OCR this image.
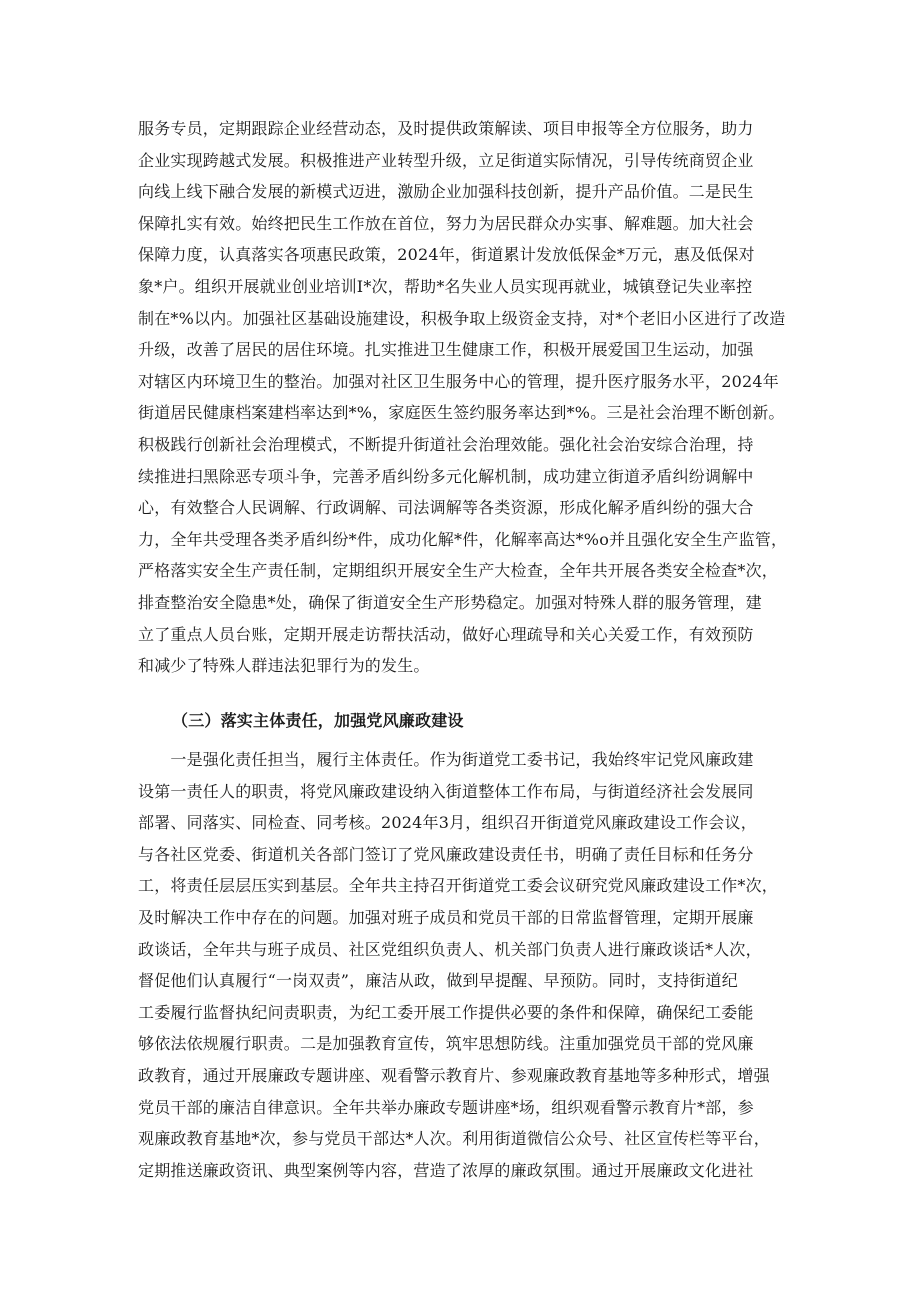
服务专员，定期跟踪企业经营动态，及时提供政策解读、项目申报等全方位服务，助力
企业实现跨越式发展。积极推进产业转型升级，立足街道实际情况，引导传统商贸企业
向线上线下融合发展的新模式迈进，激励企业加强科技创新，提升产品价值。二是民生
保障扎实有效。始终把民生工作放在首位，努力为居民群众办实事、解难题。加大社会
保障力度，认真落实各项惠民政策，2024年，街道累计发放低保金*万元，惠及低保对
象*户。组织开展就业创业培训I*次，帮助*名失业人员实现再就业，城镇登记失业率控
制在*%以内。加强社区基础设施建设，积极争取上级资金支持，对*个老旧小区进行了改造
升级，改善了居民的居住环境。扎实推进卫生健康工作，积极开展爱国卫生运动，加强
对辖区内环境卫生的整治。加强对社区卫生服务中心的管理，提升医疗服务水平，2024年
街道居民健康档案建档率达到*%，家庭医生签约服务率达到*%。三是社会治理不断创新。
积极践行创新社会治理模式，不断提升街道社会治理效能。强化社会治安综合治理，持
续推进扫黑除恶专项斗争，完善矛盾纠纷多元化解机制，成功建立街道矛盾纠纷调解中
心，有效整合人民调解、行政调解、司法调解等各类资源，形成化解矛盾纠纷的强大合
力，全年共受理各类矛盾纠纷*件，成功化解*件，化解率高达*%o并且强化安全生产监管，
严格落实安全生产责任制，定期组织开展安全生产大检查，全年共开展各类安全检查*次，
排查整治安全隐患*处，确保了街道安全生产形势稳定。加强对特殊人群的服务管理，建
立了重点人员台账，定期开展走访帮扶活动，做好心理疏导和关心关爱工作，有效预防
和减少了特殊人群违法犯罪行为的发生。
（三）落实主体责任，加强党风廉政建设
　　一是强化责任担当，履行主体责任。作为街道党工委书记，我始终牢记党风廉政建
设第一责任人的职责，将党风廉政建设纳入街道整体工作布局，与街道经济社会发展同
部署、同落实、同检查、同考核。2024年3月，组织召开街道党风廉政建设工作会议，
与各社区党委、街道机关各部门签订了党风廉政建设责任书，明确了责任目标和任务分
工，将责任层层压实到基层。全年共主持召开街道党工委会议研究党风廉政建设工作*次，
及时解决工作中存在的问题。加强对班子成员和党员干部的日常监督管理，定期开展廉
政谈话，全年共与班子成员、社区党组织负责人、机关部门负责人进行廉政谈话*人次，
督促他们认真履行“一岗双责”，廉洁从政，做到早提醒、早预防。同时，支持街道纪
工委履行监督执纪问责职责，为纪工委开展工作提供必要的条件和保障，确保纪工委能
够依法依规履行职责。二是加强教育宣传，筑牢思想防线。注重加强党员干部的党风廉
政教育，通过开展廉政专题讲座、观看警示教育片、参观廉政教育基地等多种形式，增强
党员干部的廉洁自律意识。全年共举办廉政专题讲座*场，组织观看警示教育片*部，参
观廉政教育基地*次，参与党员干部达*人次。利用街道微信公众号、社区宣传栏等平台，
定期推送廉政资讯、典型案例等内容，营造了浓厚的廉政氛围。通过开展廉政文化进社
